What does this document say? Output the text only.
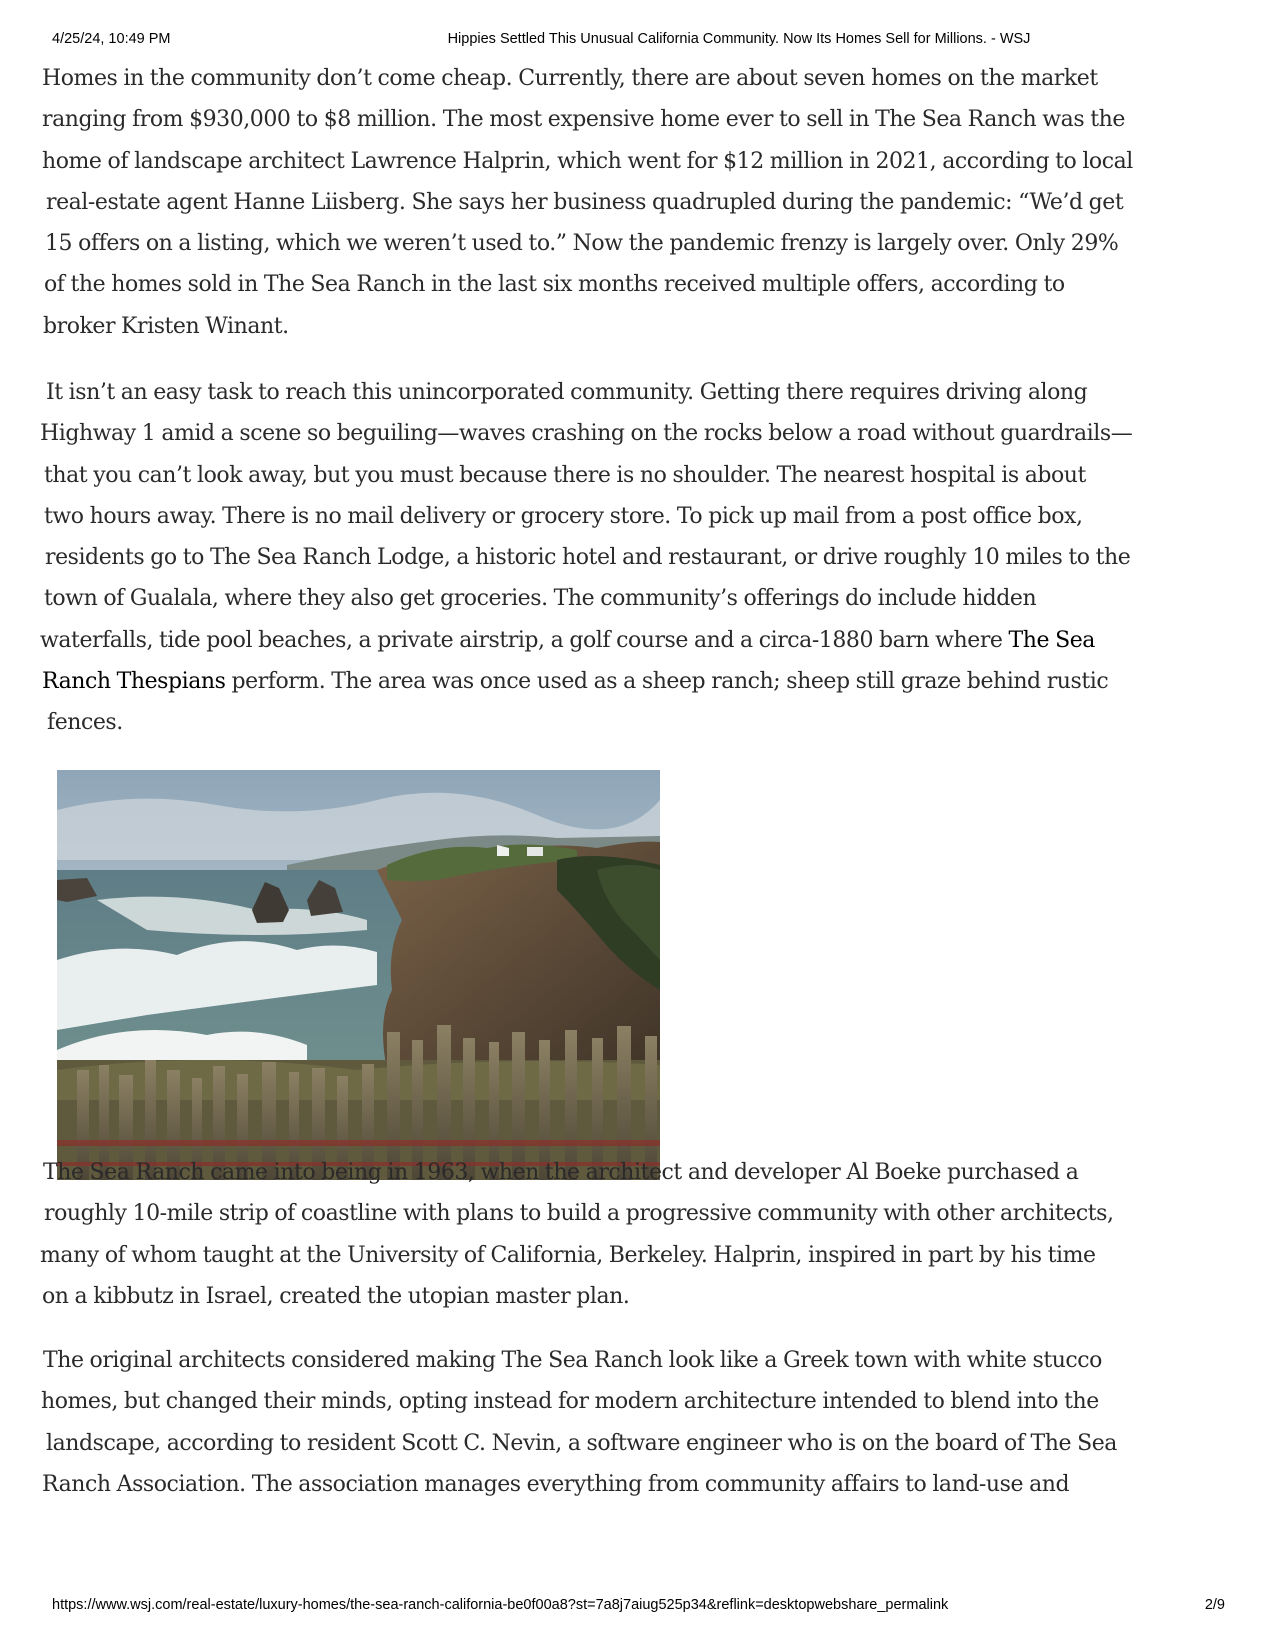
4/25/24, 10:49 PM	Hippies Settled This Unusual California Community. Now Its Homes Sell for Millions. - WSJ

Homes in the community don’t come cheap. Currently, there are about seven homes on the market
ranging from $930,000 to $8 million. The most expensive home ever to sell in The Sea Ranch was the
home of landscape architect Lawrence Halprin, which went for $12 million in 2021, according to local
real-estate agent Hanne Liisberg. She says her business quadrupled during the pandemic: “We’d get
15 offers on a listing, which we weren’t used to.” Now the pandemic frenzy is largely over. Only 29%
of the homes sold in The Sea Ranch in the last six months received multiple offers, according to
broker Kristen Winant.

It isn’t an easy task to reach this unincorporated community. Getting there requires driving along
Highway 1 amid a scene so beguiling—waves crashing on the rocks below a road without guardrails—
that you can’t look away, but you must because there is no shoulder. The nearest hospital is about
two hours away. There is no mail delivery or grocery store. To pick up mail from a post office box,
residents go to The Sea Ranch Lodge, a historic hotel and restaurant, or drive roughly 10 miles to the
town of Gualala, where they also get groceries. The community’s offerings do include hidden
waterfalls, tide pool beaches, a private airstrip, a golf course and a circa-1880 barn where The Sea
Ranch Thespians perform. The area was once used as a sheep ranch; sheep still graze behind rustic
fences.

The Sea Ranch came into being in 1963, when the architect and developer Al Boeke purchased a
roughly 10-mile strip of coastline with plans to build a progressive community with other architects,
many of whom taught at the University of California, Berkeley. Halprin, inspired in part by his time
on a kibbutz in Israel, created the utopian master plan.

The original architects considered making The Sea Ranch look like a Greek town with white stucco
homes, but changed their minds, opting instead for modern architecture intended to blend into the
landscape, according to resident Scott C. Nevin, a software engineer who is on the board of The Sea
Ranch Association. The association manages everything from community affairs to land-use and

https://www.wsj.com/real-estate/luxury-homes/the-sea-ranch-california-be0f00a8?st=7a8j7aiug525p34&reflink=desktopwebshare_permalink	2/9
